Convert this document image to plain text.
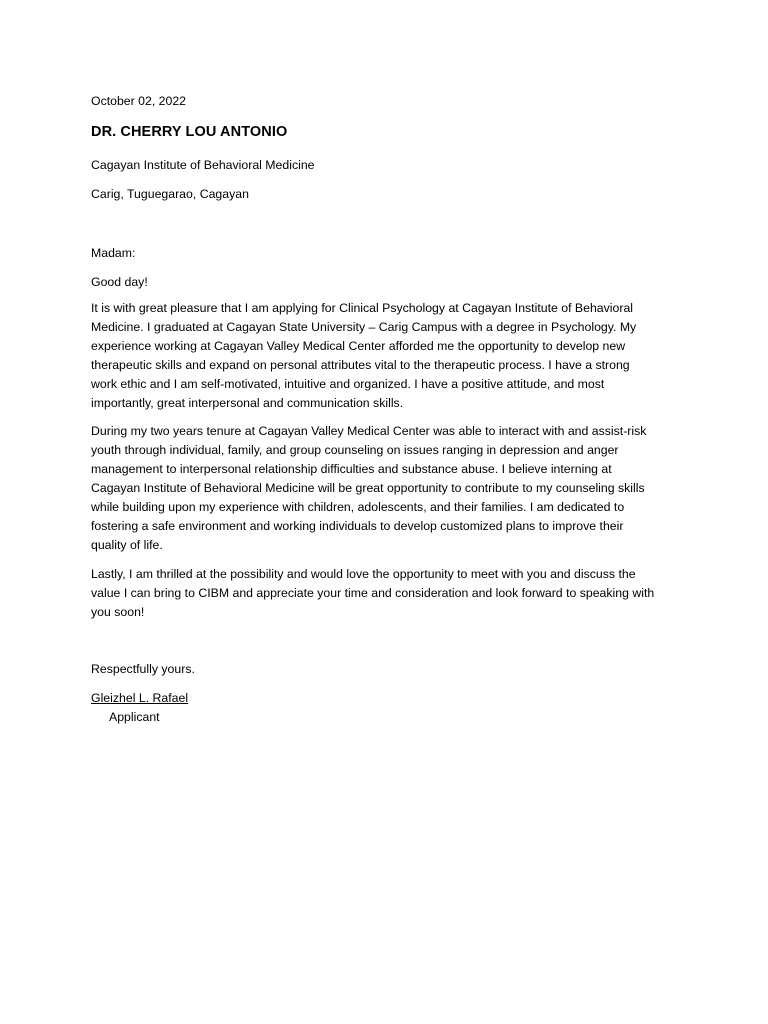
October 02, 2022

DR. CHERRY LOU ANTONIO

Cagayan Institute of Behavioral Medicine

Carig, Tuguegarao, Cagayan

Madam:

Good day!

It is with great pleasure that I am applying for Clinical Psychology at Cagayan Institute of Behavioral
Medicine. I graduated at Cagayan State University – Carig Campus with a degree in Psychology. My
experience working at Cagayan Valley Medical Center afforded me the opportunity to develop new
therapeutic skills and expand on personal attributes vital to the therapeutic process. I have a strong
work ethic and I am self-motivated, intuitive and organized. I have a positive attitude, and most
importantly, great interpersonal and communication skills.
During my two years tenure at Cagayan Valley Medical Center was able to interact with and assist-risk
youth through individual, family, and group counseling on issues ranging in depression and anger
management to interpersonal relationship difficulties and substance abuse. I believe interning at
Cagayan Institute of Behavioral Medicine will be great opportunity to contribute to my counseling skills
while building upon my experience with children, adolescents, and their families. I am dedicated to
fostering a safe environment and working individuals to develop customized plans to improve their
quality of life.
Lastly, I am thrilled at the possibility and would love the opportunity to meet with you and discuss the
value I can bring to CIBM and appreciate your time and consideration and look forward to speaking with
you soon!

Respectfully yours.

Gleizhel L. Rafael

Applicant
